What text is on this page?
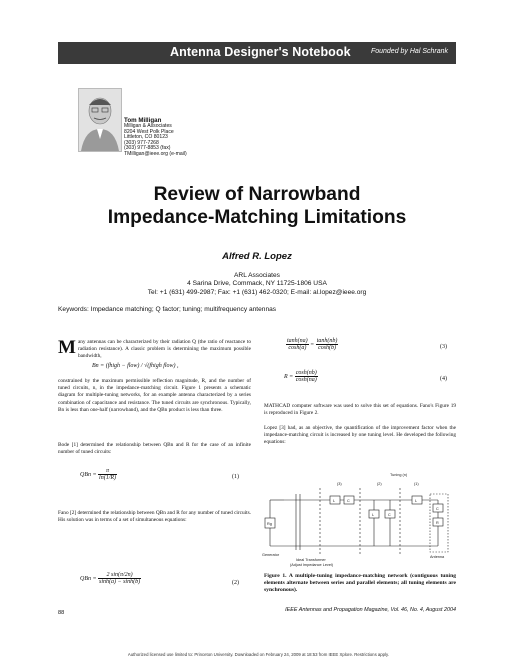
Antenna Designer's Notebook	Founded by Hal Schrank
Tom Milligan
Milligan & Associates
8204 West Polk Place
Littleton, CO 80123
(303) 977-7268
(303) 977-8853 (fax)
TMilligan@ieee.org (e-mail)
Review of Narrowband
Impedance-Matching Limitations
Alfred R. Lopez
ARL Associates
4 Sarina Drive, Commack, NY 11725-1806 USA
Tel: +1 (631) 499-2987; Fax: +1 (631) 462-0320; E-mail: al.lopez@ieee.org
Keywords: Impedance matching; Q factor; tuning; multifrequency antennas
Many antennas can be characterized by their radiation Q (the ratio of reactance to radiation resistance). A classic problem is determining the maximum possible bandwidth,
Bn = (fhigh − flow) / √(fhigh flow) ,
constrained by the maximum permissible reflection magnitude, R, and the number of tuned circuits, n, in the impedance-matching circuit. Figure 1 presents a schematic diagram for multiple-tuning networks, for an example antenna characterized by a series combination of capacitance and resistance. The tuned circuits are synchronous. Typically, Bn is less than one-half (narrowband), and the QBn product is less than three.
Bode [1] determined the relationship between QBn and R for the case of an infinite number of tuned circuits:
QBn = $\frac{\pi}{\ln(1/R)}$	(1)
Fano [2] determined the relationship between QBn and R for any number of tuned circuits. His solution was in terms of a set of simultaneous equations:
QBn = $\frac{2 \sin(\pi/2n)}{\sinh(a) - \sinh(b)}$	(2)
$\frac{\tanh(na)}{\cosh(a)} = \frac{\tanh(nb)}{\cosh(b)}$	(3)
$R = \frac{\cosh(nb)}{\cosh(na)}$	(4)
MATHCAD computer software was used to solve this set of equations. Fano's Figure 19 is reproduced in Figure 2.
Lopez [3] had, as an objective, the quantification of the improvement factor when the impedance-matching circuit is increased by one tuning level. He developed the following equations:
Tuning (n)
(3)	(2)	(1)
Rg
L	C
L	C
L
C
R
Generator
Ideal Transformer
(Adjust Impedance Level)
Antenna
Figure 1. A multiple-tuning impedance-matching network (contiguous tuning elements alternate between series and parallel elements; all tuning elements are synchronous).
88	IEEE Antennas and Propagation Magazine, Vol. 46, No. 4, August 2004
Authorized licensed use limited to: Princeton University. Downloaded on February 24, 2009 at 18:53 from IEEE Xplore. Restrictions apply.
